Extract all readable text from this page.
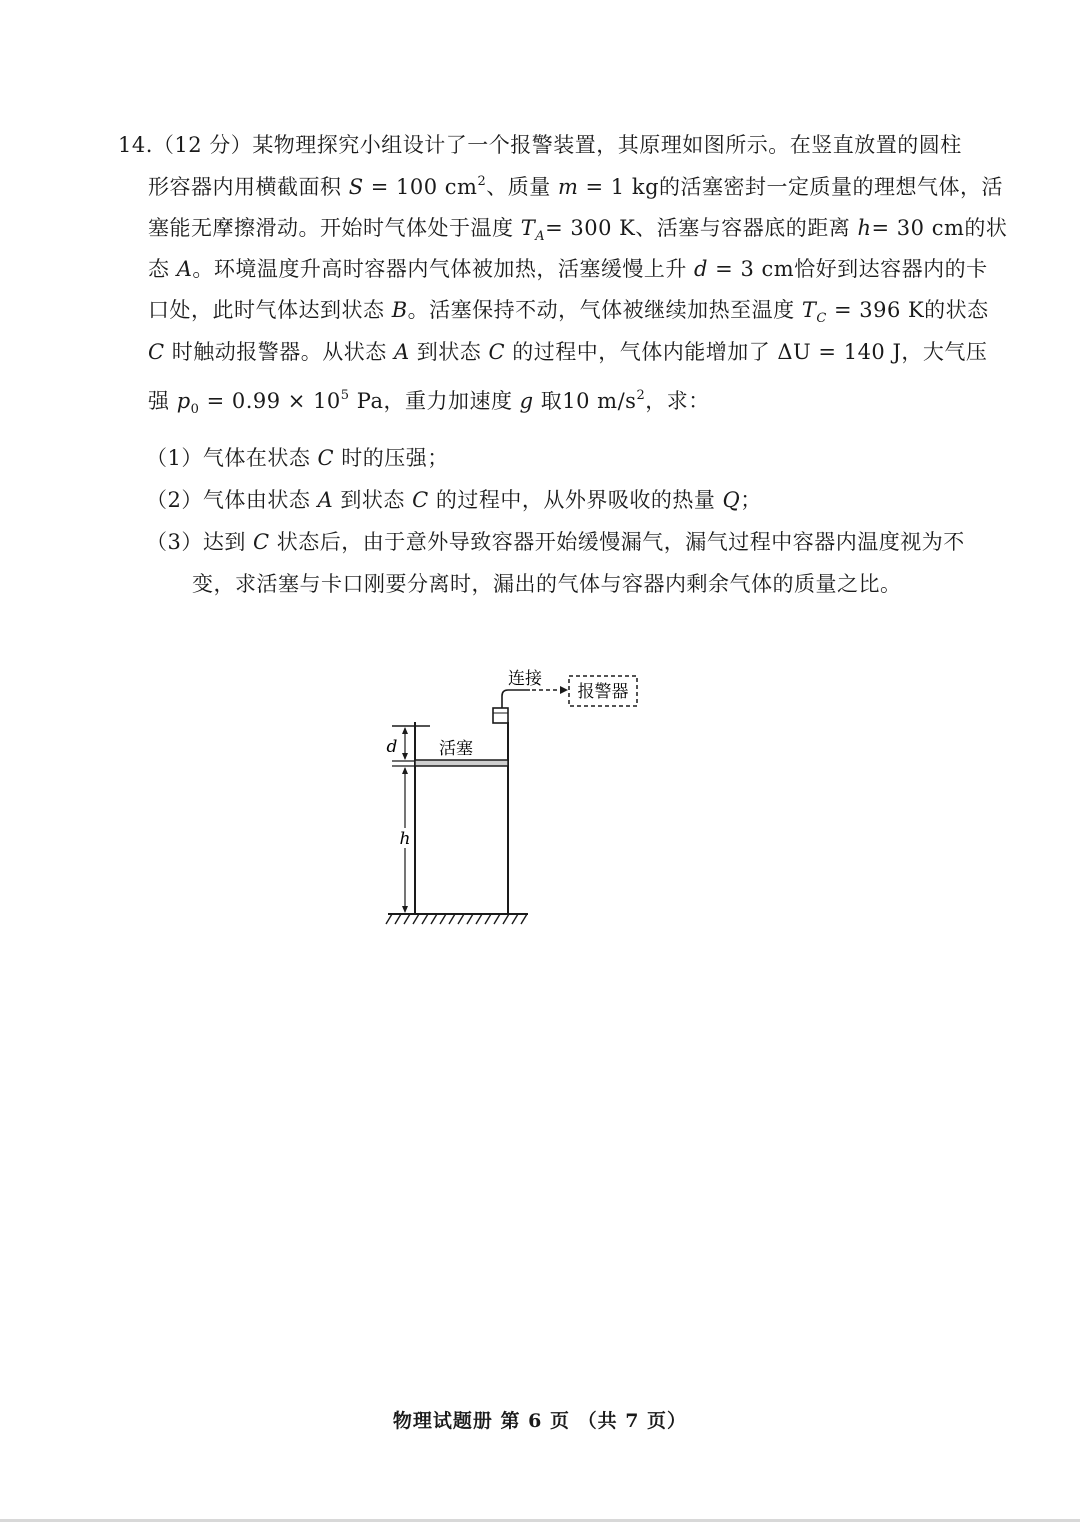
14.（12 分）某物理探究小组设计了一个报警装置，其原理如图所示。在竖直放置的圆柱
形容器内用横截面积 S = 100 $cm^2$、质量 m = 1 kg的活塞密封一定质量的理想气体，活
塞能无摩擦滑动。开始时气体处于温度 $T_A= 300$ K、活塞与容器底的距离 h= 30 cm的状
态 A。环境温度升高时容器内气体被加热，活塞缓慢上升 d = 3 cm恰好到达容器内的卡
口处，此时气体达到状态 B。活塞保持不动，气体被继续加热至温度 $T_C = 396$ K的状态
C 时触动报警器。从状态 A 到状态 C 的过程中，气体内能增加了 ΔU = 140 J，大气压
强 $p_0 = 0.99 \times 10^5$ Pa，重力加速度 g 取10 $m/s^2$，求：
（1）气体在状态 C 时的压强；
（2）气体由状态 A 到状态 C 的过程中，从外界吸收的热量 Q；
（3）达到 C 状态后，由于意外导致容器开始缓慢漏气，漏气过程中容器内温度视为不
变，求活塞与卡口刚要分离时，漏出的气体与容器内剩余气体的质量之比。
报警器
连接
活塞
d
h
物理试题册 第 6 页 （共 7 页）
